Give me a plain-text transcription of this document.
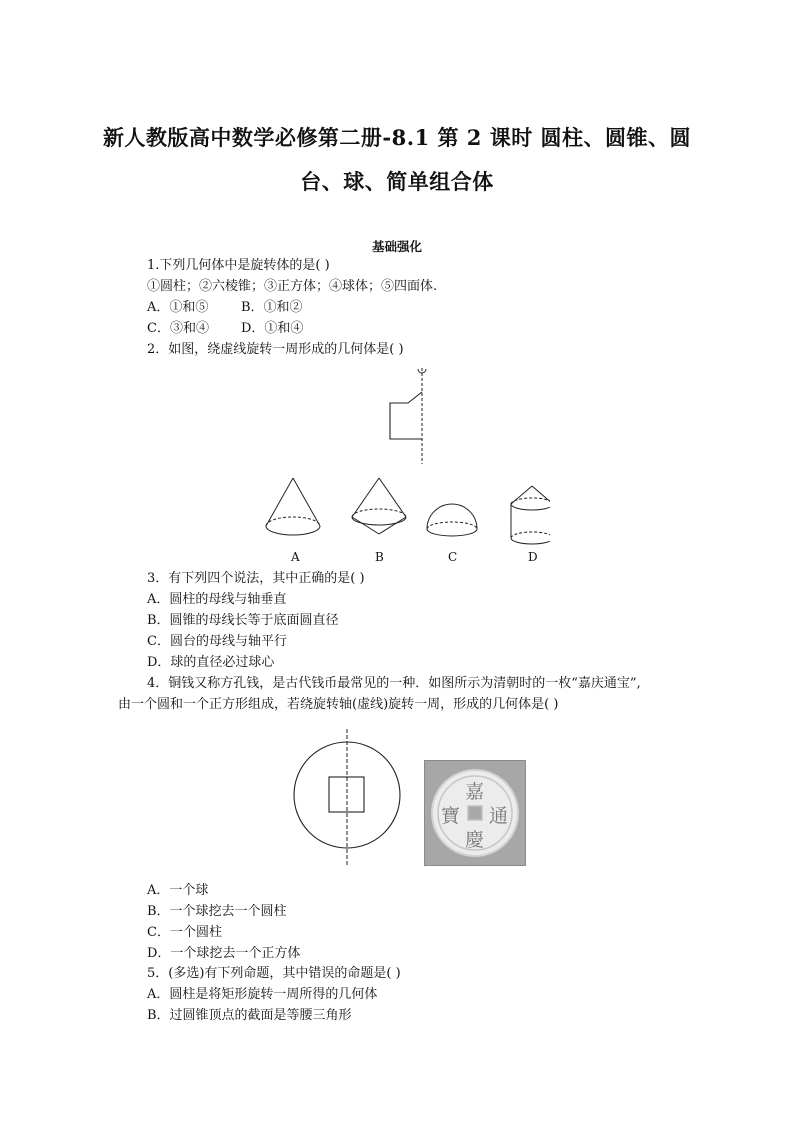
新人教版高中数学必修第二册-8.1 第 2 课时 圆柱、圆锥、圆
台、球、简单组合体
基础强化
1.下列几何体中是旋转体的是( )
①圆柱；②六棱锥；③正方体；④球体；⑤四面体.
A．①和⑤	B．①和②
C．③和④ D．①和④
2．如图，绕虚线旋转一周形成的几何体是( )
A	B	C	D
3．有下列四个说法，其中正确的是( )
A．圆柱的母线与轴垂直
B．圆锥的母线长等于底面圆直径
C．圆台的母线与轴平行
D．球的直径必过球心
4．铜钱又称方孔钱，是古代钱币最常见的一种．如图所示为清朝时的一枚“嘉庆通宝”,
由一个圆和一个正方形组成，若绕旋转轴(虚线)旋转一周，形成的几何体是( )
嘉
通
慶
寶
A．一个球
B．一个球挖去一个圆柱
C．一个圆柱
D．一个球挖去一个正方体
5．(多选)有下列命题，其中错误的命题是( )
A．圆柱是将矩形旋转一周所得的几何体
B．过圆锥顶点的截面是等腰三角形
